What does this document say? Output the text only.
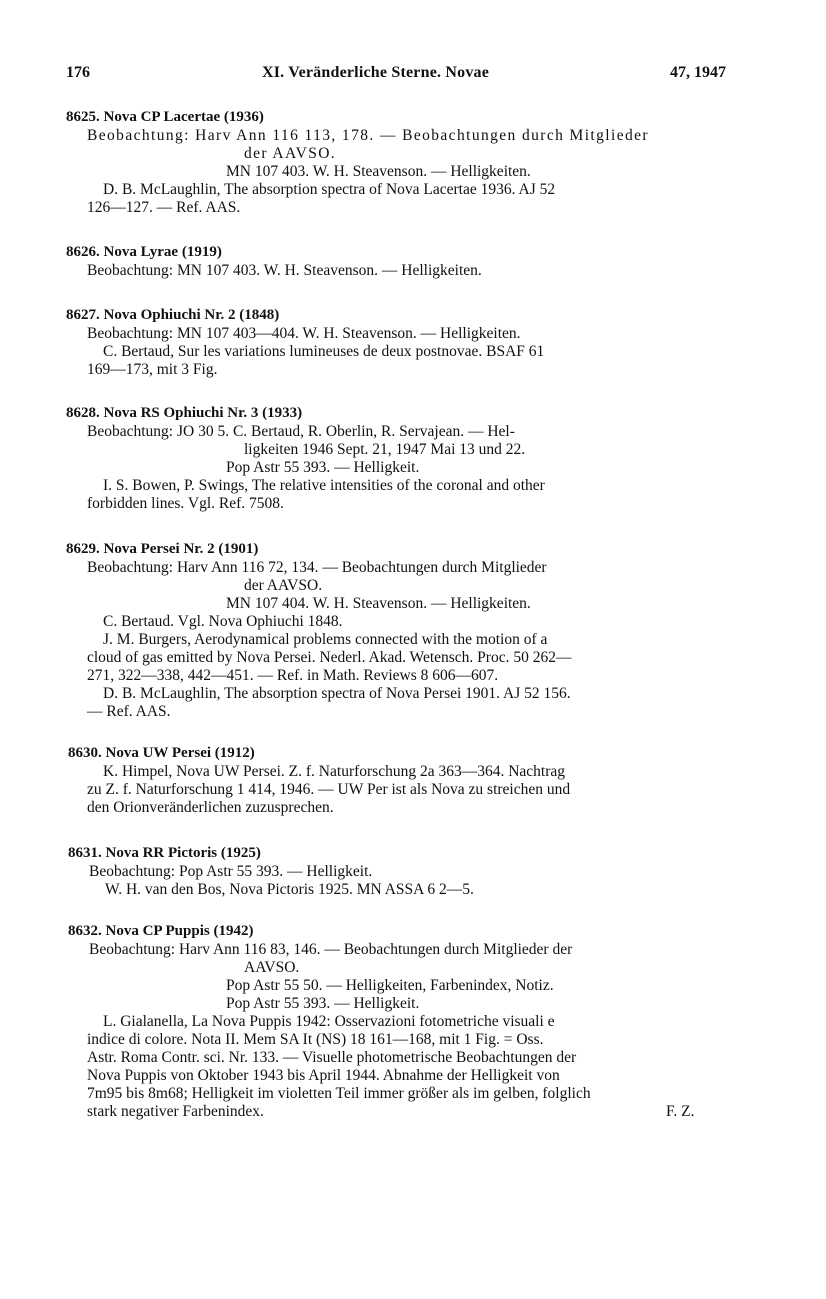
176	XI. Veränderliche Sterne. Novae	47, 1947
8625. Nova CP Lacertae (1936)
Beobachtung: Harv Ann 116 113, 178. — Beobachtungen durch Mitglieder
der AAVSO.
MN 107 403. W. H. Steavenson. — Helligkeiten.
D. B. McLaughlin, The absorption spectra of Nova Lacertae 1936. AJ 52
126—127. — Ref. AAS.
8626. Nova Lyrae (1919)
Beobachtung: MN 107 403. W. H. Steavenson. — Helligkeiten.
8627. Nova Ophiuchi Nr. 2 (1848)
Beobachtung: MN 107 403—404. W. H. Steavenson. — Helligkeiten.
C. Bertaud, Sur les variations lumineuses de deux postnovae. BSAF 61
169—173, mit 3 Fig.
8628. Nova RS Ophiuchi Nr. 3 (1933)
Beobachtung: JO 30 5. C. Bertaud, R. Oberlin, R. Servajean. — Hel-
ligkeiten 1946 Sept. 21, 1947 Mai 13 und 22.
Pop Astr 55 393. — Helligkeit.
I. S. Bowen, P. Swings, The relative intensities of the coronal and other
forbidden lines. Vgl. Ref. 7508.
8629. Nova Persei Nr. 2 (1901)
Beobachtung: Harv Ann 116 72, 134. — Beobachtungen durch Mitglieder
der AAVSO.
MN 107 404. W. H. Steavenson. — Helligkeiten.
C. Bertaud. Vgl. Nova Ophiuchi 1848.
J. M. Burgers, Aerodynamical problems connected with the motion of a
cloud of gas emitted by Nova Persei. Nederl. Akad. Wetensch. Proc. 50 262—
271, 322—338, 442—451. — Ref. in Math. Reviews 8 606—607.
D. B. McLaughlin, The absorption spectra of Nova Persei 1901. AJ 52 156.
— Ref. AAS.
8630. Nova UW Persei (1912)
K. Himpel, Nova UW Persei. Z. f. Naturforschung 2a 363—364. Nachtrag
zu Z. f. Naturforschung 1 414, 1946. — UW Per ist als Nova zu streichen und
den Orionveränderlichen zuzusprechen.
8631. Nova RR Pictoris (1925)
Beobachtung: Pop Astr 55 393. — Helligkeit.
W. H. van den Bos, Nova Pictoris 1925. MN ASSA 6 2—5.
8632. Nova CP Puppis (1942)
Beobachtung: Harv Ann 116 83, 146. — Beobachtungen durch Mitglieder der
AAVSO.
Pop Astr 55 50. — Helligkeiten, Farbenindex, Notiz.
Pop Astr 55 393. — Helligkeit.
L. Gialanella, La Nova Puppis 1942: Osservazioni fotometriche visuali e
indice di colore. Nota II. Mem SA It (NS) 18 161—168, mit 1 Fig. = Oss.
Astr. Roma Contr. sci. Nr. 133. — Visuelle photometrische Beobachtungen der
Nova Puppis von Oktober 1943 bis April 1944. Abnahme der Helligkeit von
7m95 bis 8m68; Helligkeit im violetten Teil immer größer als im gelben, folglich
stark negativer Farbenindex.	F. Z.
